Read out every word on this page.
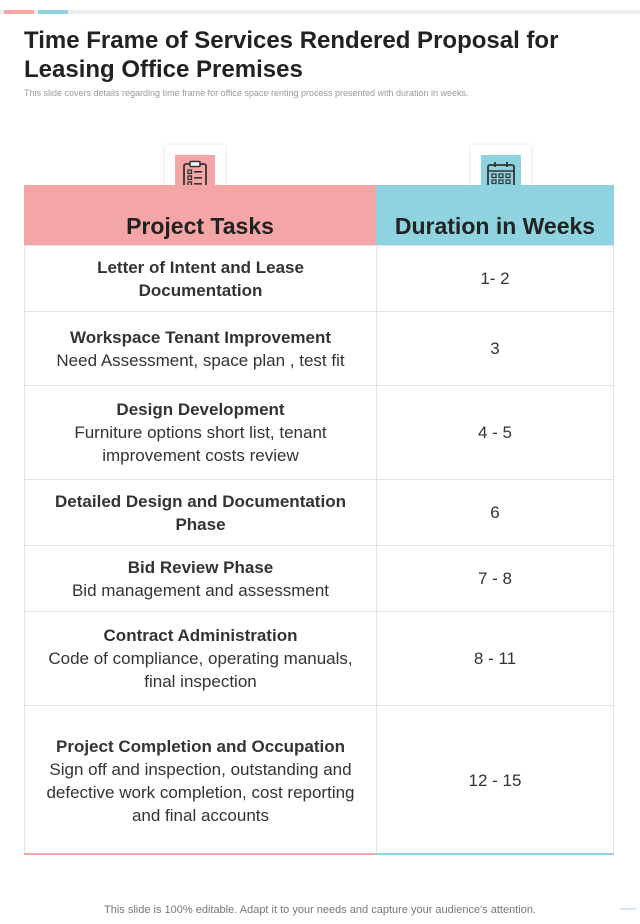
Time Frame of Services Rendered Proposal for Leasing Office Premises

This slide covers details regarding time frame for office space renting process presented with duration in weeks.

Project Tasks	Duration in Weeks
Letter of Intent and Lease Documentation
1- 2
Workspace Tenant Improvement
Need Assessment, space plan , test fit
3
Design Development
Furniture options short list, tenant improvement costs review
4 - 5
Detailed Design and Documentation Phase
6
Bid Review Phase
Bid management and assessment
7 - 8
Contract Administration
Code of compliance, operating manuals, final inspection
8 - 11
Project Completion and Occupation
Sign off and inspection, outstanding and defective work completion, cost reporting and final accounts
12 - 15

This slide is 100% editable. Adapt it to your needs and capture your audience's attention.
